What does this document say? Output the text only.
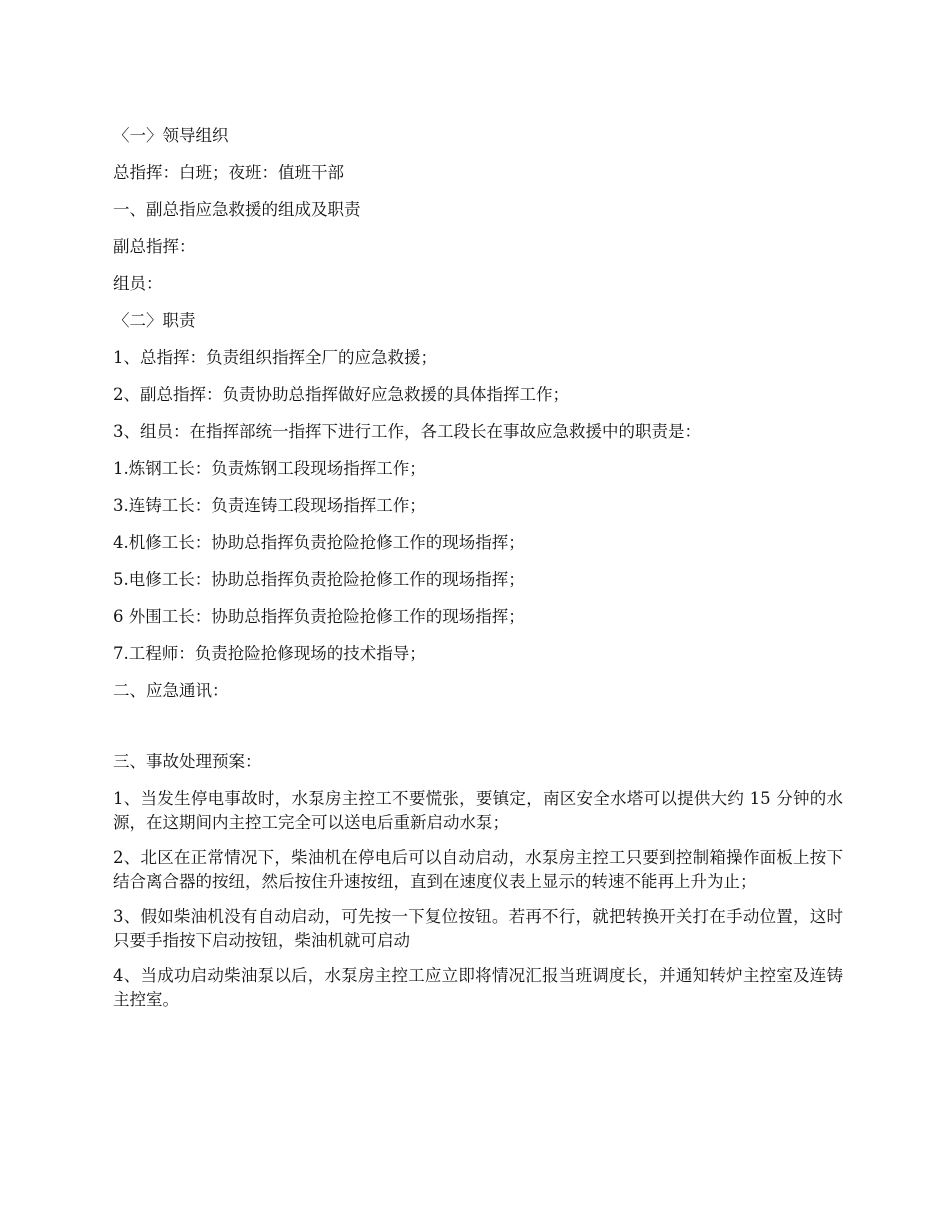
〈一〉领导组织
总指挥：白班；夜班：值班干部
一、副总指应急救援的组成及职责
副总指挥：
组员：
〈二〉职责
1、总指挥：负责组织指挥全厂的应急救援；
2、副总指挥：负责协助总指挥做好应急救援的具体指挥工作；
3、组员：在指挥部统一指挥下进行工作，各工段长在事故应急救援中的职责是：
1.炼钢工长：负责炼钢工段现场指挥工作；
3.连铸工长：负责连铸工段现场指挥工作；
4.机修工长：协助总指挥负责抢险抢修工作的现场指挥；
5.电修工长：协助总指挥负责抢险抢修工作的现场指挥；
6 外围工长：协助总指挥负责抢险抢修工作的现场指挥；
7.工程师：负责抢险抢修现场的技术指导；
二、应急通讯：
三、事故处理预案：
1、当发生停电事故时，水泵房主控工不要慌张，要镇定，南区安全水塔可以提供大约 15 分钟的水源，在这期间内主控工完全可以送电后重新启动水泵；
2、北区在正常情况下，柴油机在停电后可以自动启动，水泵房主控工只要到控制箱操作面板上按下结合离合器的按纽，然后按住升速按纽，直到在速度仪表上显示的转速不能再上升为止；
3、假如柴油机没有自动启动，可先按一下复位按钮。若再不行，就把转换开关打在手动位置，这时只要手指按下启动按钮，柴油机就可启动
4、当成功启动柴油泵以后，水泵房主控工应立即将情况汇报当班调度长，并通知转炉主控室及连铸主控室。
